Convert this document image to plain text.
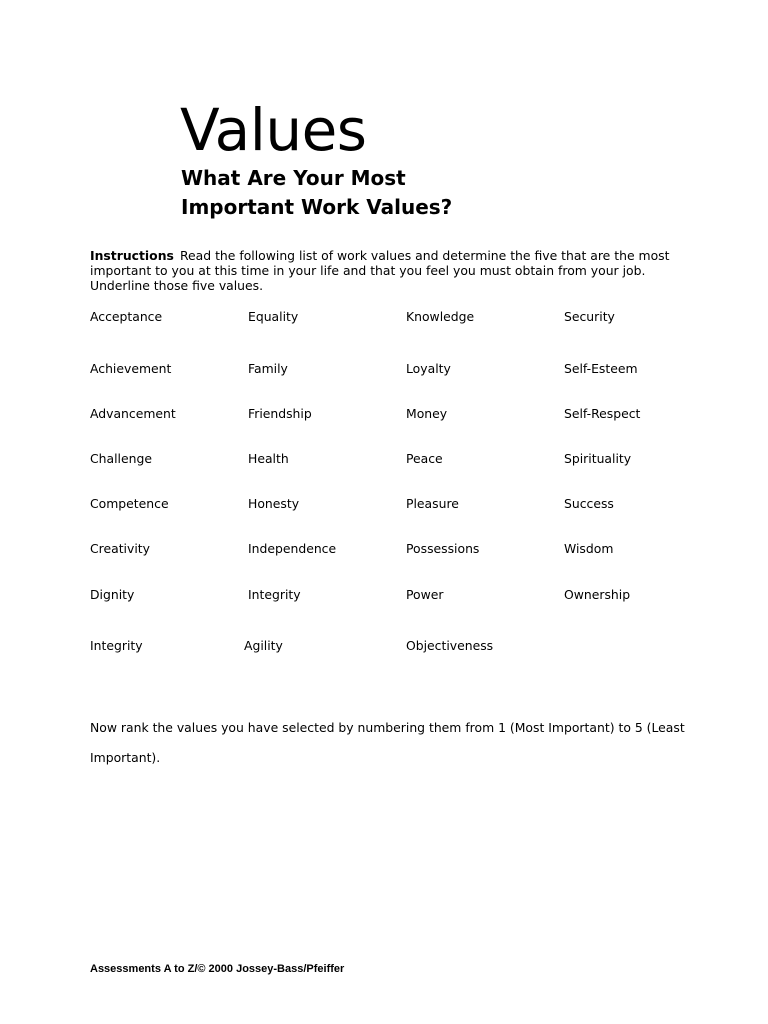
Values
What Are Your Most
Important Work Values?
Instructions Read the following list of work values and determine the five that are the most important to you at this time in your life and that you feel you must obtain from your job. Underline those five values.
Acceptance	Equality	Knowledge	Security
Achievement	Family	Loyalty	Self-Esteem
Advancement	Friendship	Money	Self-Respect
Challenge	Health	Peace	Spirituality
Competence	Honesty	Pleasure	Success
Creativity	Independence	Possessions	Wisdom
Dignity	Integrity	Power	Ownership
Integrity	Agility	Objectiveness
Now rank the values you have selected by numbering them from 1 (Most Important) to 5 (Least Important).
Assessments A to Z/© 2000 Jossey-Bass/Pfeiffer
